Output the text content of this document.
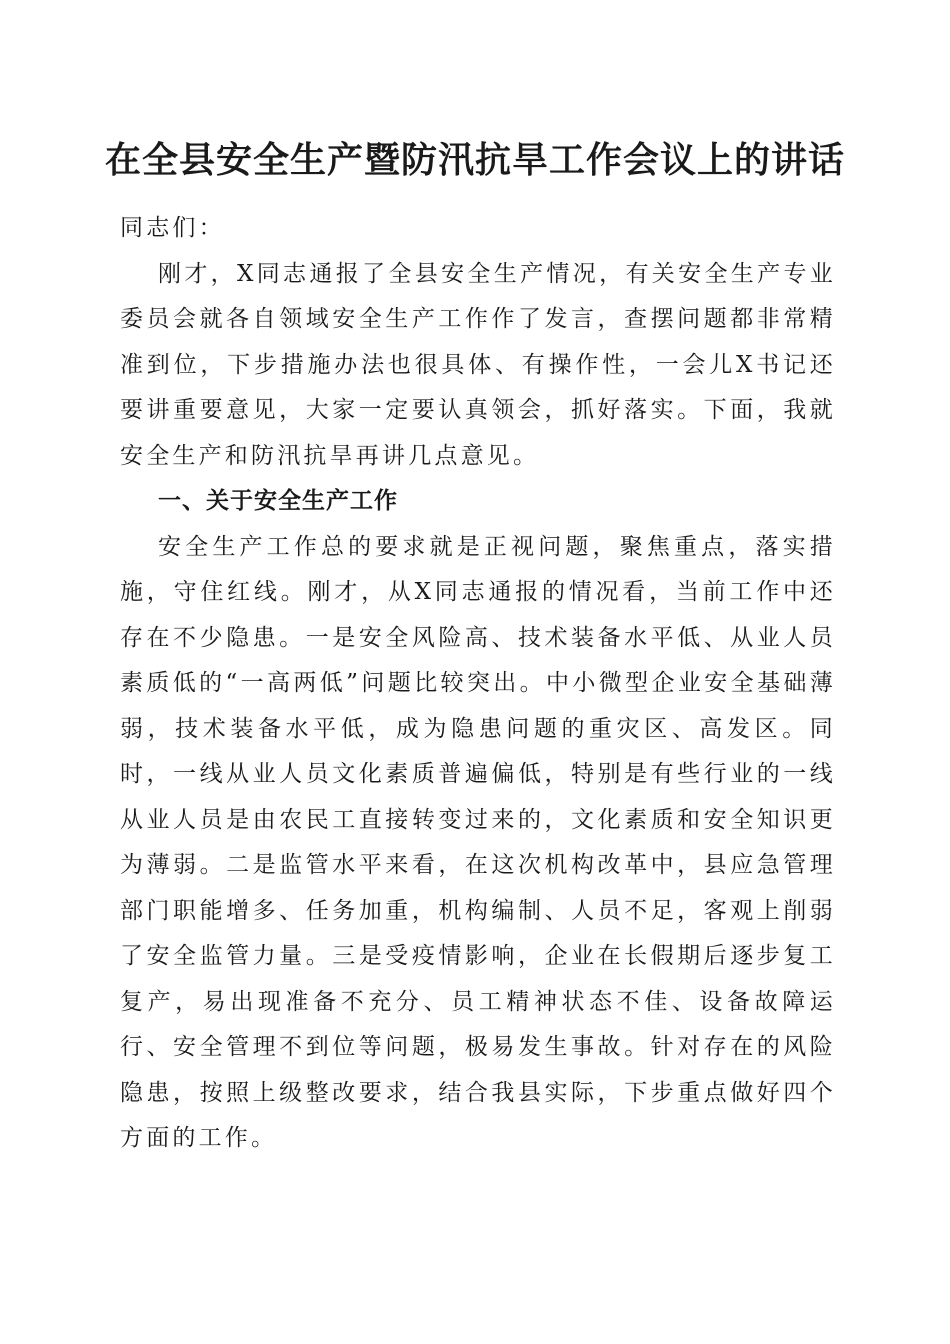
在全县安全生产暨防汛抗旱工作会议上的讲话

同志们：

刚才，X同志通报了全县安全生产情况，有关安全生产专业委员会就各自领域安全生产工作作了发言，查摆问题都非常精准到位，下步措施办法也很具体、有操作性，一会儿X书记还要讲重要意见，大家一定要认真领会，抓好落实。下面，我就安全生产和防汛抗旱再讲几点意见。

一、关于安全生产工作

安全生产工作总的要求就是正视问题，聚焦重点，落实措施，守住红线。刚才，从X同志通报的情况看，当前工作中还存在不少隐患。一是安全风险高、技术装备水平低、从业人员素质低的“一高两低”问题比较突出。中小微型企业安全基础薄弱，技术装备水平低，成为隐患问题的重灾区、高发区。同时，一线从业人员文化素质普遍偏低，特别是有些行业的一线从业人员是由农民工直接转变过来的，文化素质和安全知识更为薄弱。二是监管水平来看，在这次机构改革中，县应急管理部门职能增多、任务加重，机构编制、人员不足，客观上削弱了安全监管力量。三是受疫情影响，企业在长假期后逐步复工复产，易出现准备不充分、员工精神状态不佳、设备故障运行、安全管理不到位等问题，极易发生事故。针对存在的风险隐患，按照上级整改要求，结合我县实际，下步重点做好四个方面的工作。
